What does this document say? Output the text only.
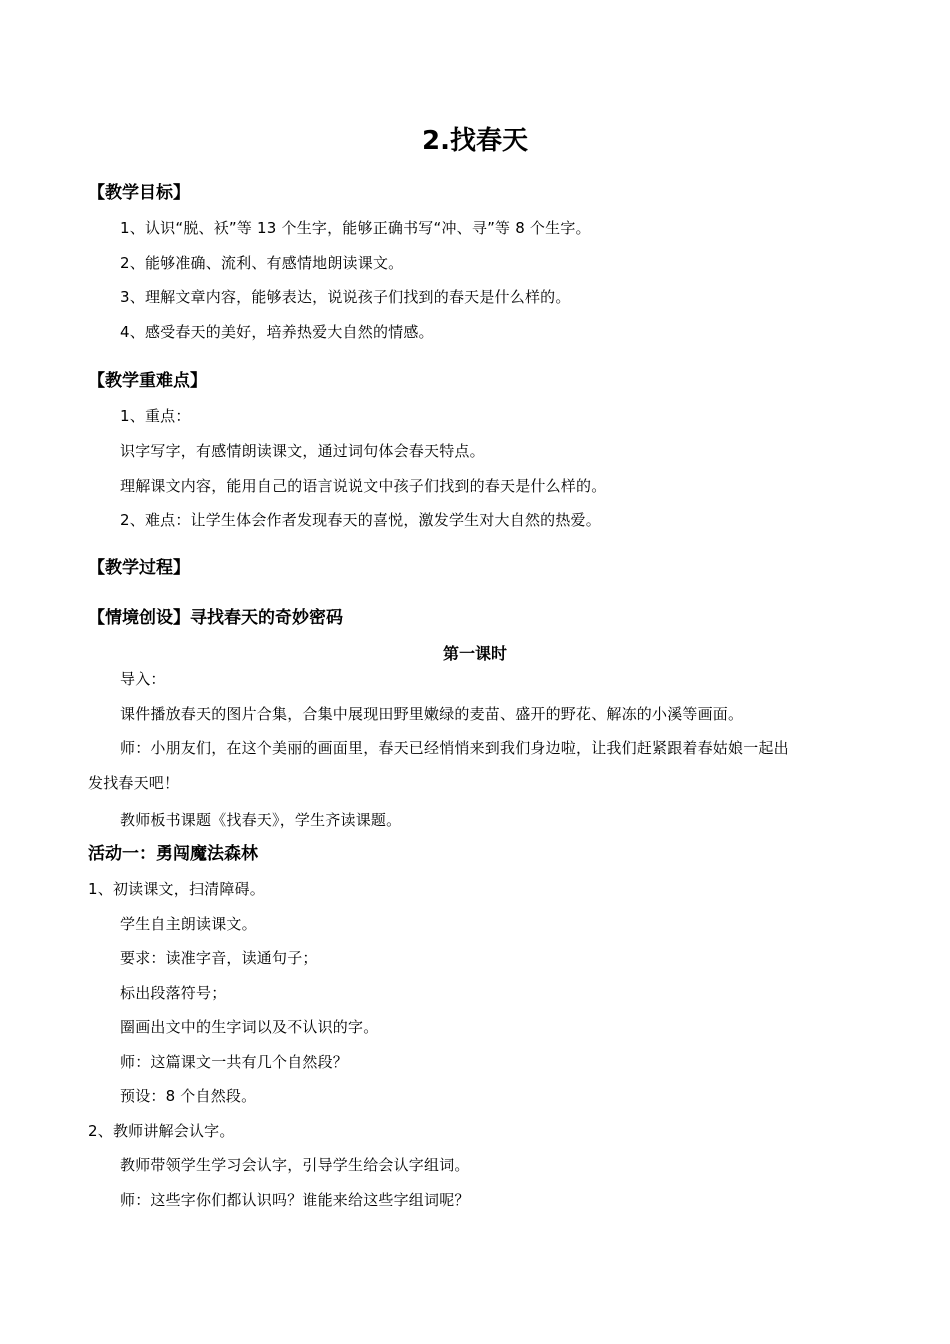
2.找春天
【教学目标】
1、认识“脱、袄”等 13 个生字，能够正确书写“冲、寻”等 8 个生字。
2、能够准确、流利、有感情地朗读课文。
3、理解文章内容，能够表达，说说孩子们找到的春天是什么样的。
4、感受春天的美好，培养热爱大自然的情感。
【教学重难点】
1、重点：
识字写字，有感情朗读课文，通过词句体会春天特点。
理解课文内容，能用自己的语言说说文中孩子们找到的春天是什么样的。
2、难点：让学生体会作者发现春天的喜悦，激发学生对大自然的热爱。
【教学过程】
【情境创设】寻找春天的奇妙密码
第一课时
导入：
课件播放春天的图片合集，合集中展现田野里嫩绿的麦苗、盛开的野花、解冻的小溪等画面。
师：小朋友们，在这个美丽的画面里，春天已经悄悄来到我们身边啦，让我们赶紧跟着春姑娘一起出
发找春天吧！
教师板书课题《找春天》，学生齐读课题。
活动一：勇闯魔法森林
1、初读课文，扫清障碍。
学生自主朗读课文。
要求：读准字音，读通句子；
标出段落符号；
圈画出文中的生字词以及不认识的字。
师：这篇课文一共有几个自然段？
预设：8 个自然段。
2、教师讲解会认字。
教师带领学生学习会认字，引导学生给会认字组词。
师：这些字你们都认识吗？谁能来给这些字组词呢？
